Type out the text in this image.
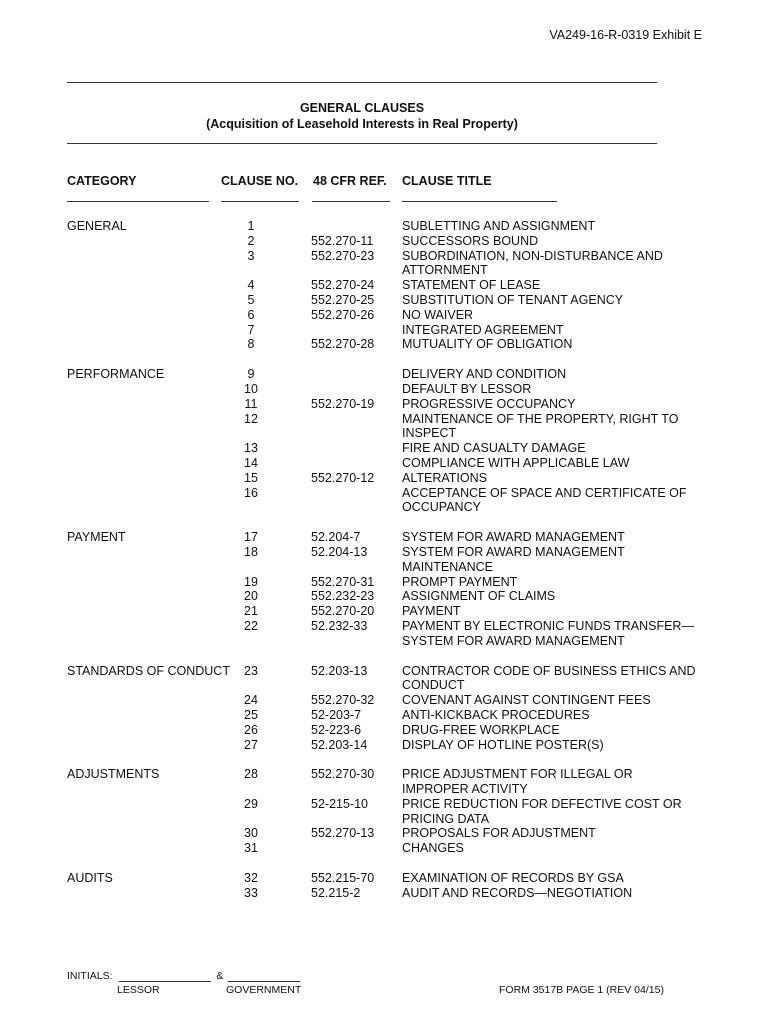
VA249-16-R-0319 Exhibit E
GENERAL CLAUSES
(Acquisition of Leasehold Interests in Real Property)
CATEGORY	CLAUSE NO. 48 CFR REF. CLAUSE TITLE
GENERAL	1	SUBLETTING AND ASSIGNMENT
2	552.270-11 SUCCESSORS BOUND
3	552.270-23 SUBORDINATION, NON-DISTURBANCE AND ATTORNMENT
4	552.270-24 STATEMENT OF LEASE
5	552.270-25 SUBSTITUTION OF TENANT AGENCY
6	552.270-26 NO WAIVER
7	INTEGRATED AGREEMENT
8	552.270-28 MUTUALITY OF OBLIGATION
PERFORMANCE	9	DELIVERY AND CONDITION
10	DEFAULT BY LESSOR
11	552.270-19 PROGRESSIVE OCCUPANCY
12	MAINTENANCE OF THE PROPERTY, RIGHT TO INSPECT
13	FIRE AND CASUALTY DAMAGE
14	COMPLIANCE WITH APPLICABLE LAW
15	552.270-12 ALTERATIONS
16	ACCEPTANCE OF SPACE AND CERTIFICATE OF OCCUPANCY
PAYMENT	17	52.204-7	SYSTEM FOR AWARD MANAGEMENT
18	52.204-13	SYSTEM FOR AWARD MANAGEMENT MAINTENANCE
19	552.270-31 PROMPT PAYMENT
20	552.232-23 ASSIGNMENT OF CLAIMS
21	552.270-20 PAYMENT
22	52.232-33	PAYMENT BY ELECTRONIC FUNDS TRANSFER—SYSTEM FOR AWARD MANAGEMENT
STANDARDS OF CONDUCT	23	52.203-13	CONTRACTOR CODE OF BUSINESS ETHICS AND CONDUCT
24	552.270-32 COVENANT AGAINST CONTINGENT FEES
25	52-203-7	ANTI-KICKBACK PROCEDURES
26	52-223-6	DRUG-FREE WORKPLACE
27	52.203-14	DISPLAY OF HOTLINE POSTER(S)
ADJUSTMENTS	28	552.270-30 PRICE ADJUSTMENT FOR ILLEGAL OR IMPROPER ACTIVITY
29	52-215-10	PRICE REDUCTION FOR DEFECTIVE COST OR PRICING DATA
30	552.270-13 PROPOSALS FOR ADJUSTMENT
31	CHANGES
AUDITS	32	552.215-70 EXAMINATION OF RECORDS BY GSA
33	52.215-2	AUDIT AND RECORDS—NEGOTIATION
INITIALS:	&
LESSOR	GOVERNMENT	FORM 3517B PAGE 1 (REV 04/15)
